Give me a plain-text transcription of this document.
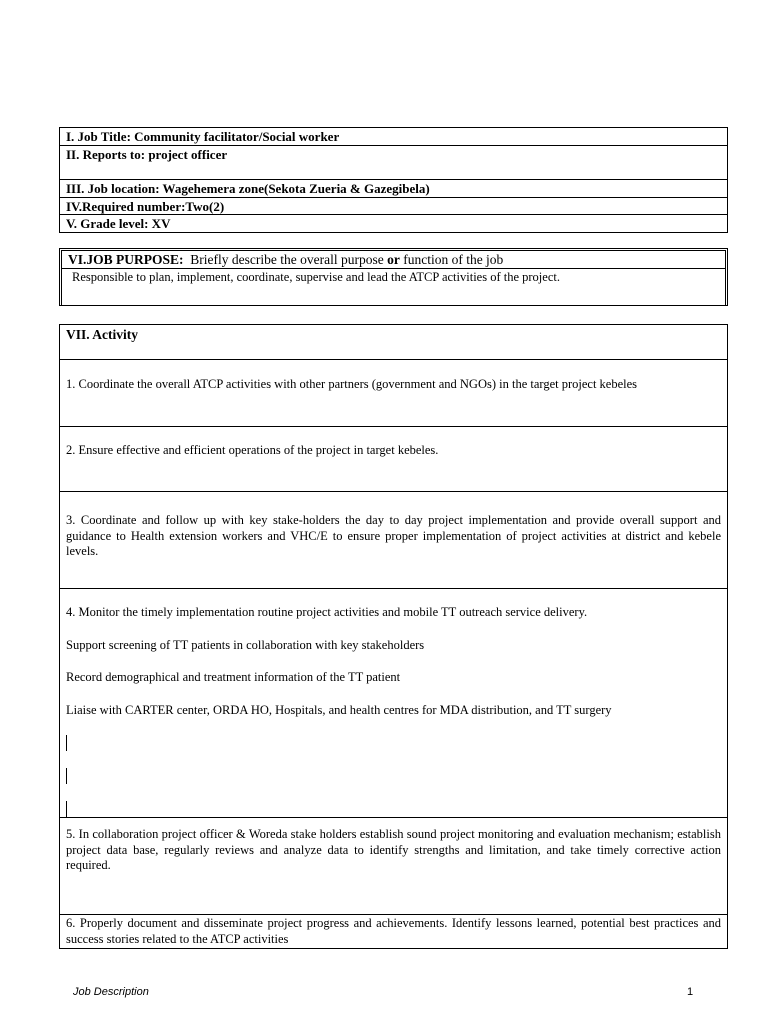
I. Job Title: Community facilitator/Social worker
II. Reports to: project officer
III. Job location: Wagehemera zone(Sekota Zueria & Gazegibela)
IV.Required number:Two(2)
V. Grade level: XV
VI.JOB PURPOSE:  Briefly describe the overall purpose or function of the job
Responsible to plan, implement, coordinate, supervise and lead the ATCP activities of the project.
VII. Activity
1. Coordinate the overall ATCP activities with other partners (government and NGOs) in the target project kebeles
2. Ensure effective and efficient operations of the project in target kebeles.
3. Coordinate and follow up with key stake-holders the day to day project implementation and provide overall support and guidance to Health extension workers and VHC/E to ensure proper implementation of project activities at district and kebele levels.

4. Monitor the timely implementation routine project activities and mobile TT outreach service delivery.

Support screening of TT patients in collaboration with key stakeholders

Record demographical and treatment information of the TT patient

Liaise with CARTER center, ORDA HO, Hospitals, and health centres for MDA distribution, and TT surgery

5. In collaboration project officer & Woreda stake holders establish sound project monitoring and evaluation mechanism; establish project data base, regularly reviews and analyze data to identify strengths and limitation, and take timely corrective action required.
6. Properly document and disseminate project progress and achievements. Identify lessons learned, potential best practices and success stories related to the ATCP activities
Job Description	1
